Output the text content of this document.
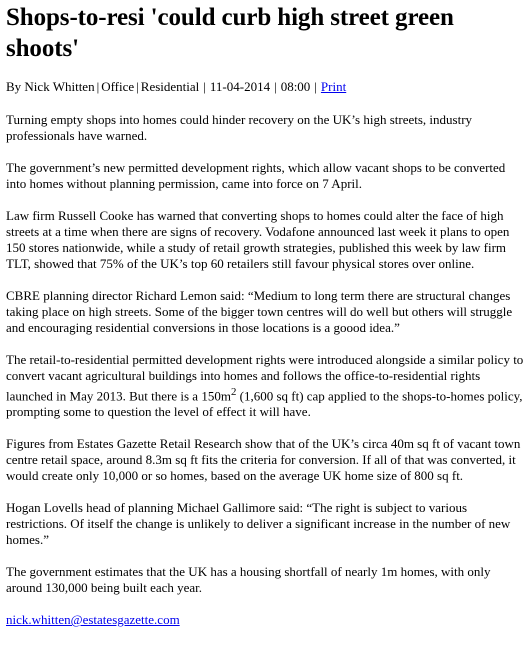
Shops-to-resi 'could curb high street green shoots'
By Nick Whitten | Office | Residential | 11-04-2014 | 08:00 | Print

Turning empty shops into homes could hinder recovery on the UK’s high streets, industry professionals have warned.

The government’s new permitted development rights, which allow vacant shops to be converted into homes without planning permission, came into force on 7 April.

Law firm Russell Cooke has warned that converting shops to homes could alter the face of high streets at a time when there are signs of recovery. Vodafone announced last week it plans to open 150 stores nationwide, while a study of retail growth strategies, published this week by law firm TLT, showed that 75% of the UK’s top 60 retailers still favour physical stores over online.

CBRE planning director Richard Lemon said: “Medium to long term there are structural changes taking place on high streets. Some of the bigger town centres will do well but others will struggle and encouraging residential conversions in those locations is a goood idea.”

The retail-to-residential permitted development rights were introduced alongside a similar policy to convert vacant agricultural buildings into homes and follows the office-to-residential rights launched in May 2013. But there is a $150m^2$ (1,600 sq ft) cap applied to the shops-to-homes policy, prompting some to question the level of effect it will have.

Figures from Estates Gazette Retail Research show that of the UK’s circa 40m sq ft of vacant town centre retail space, around 8.3m sq ft fits the criteria for conversion. If all of that was converted, it would create only 10,000 or so homes, based on the average UK home size of 800 sq ft.

Hogan Lovells head of planning Michael Gallimore said: “The right is subject to various restrictions. Of itself the change is unlikely to deliver a significant increase in the number of new homes.”

The government estimates that the UK has a housing shortfall of nearly 1m homes, with only around 130,000 being built each year.

nick.whitten@estatesgazette.com
